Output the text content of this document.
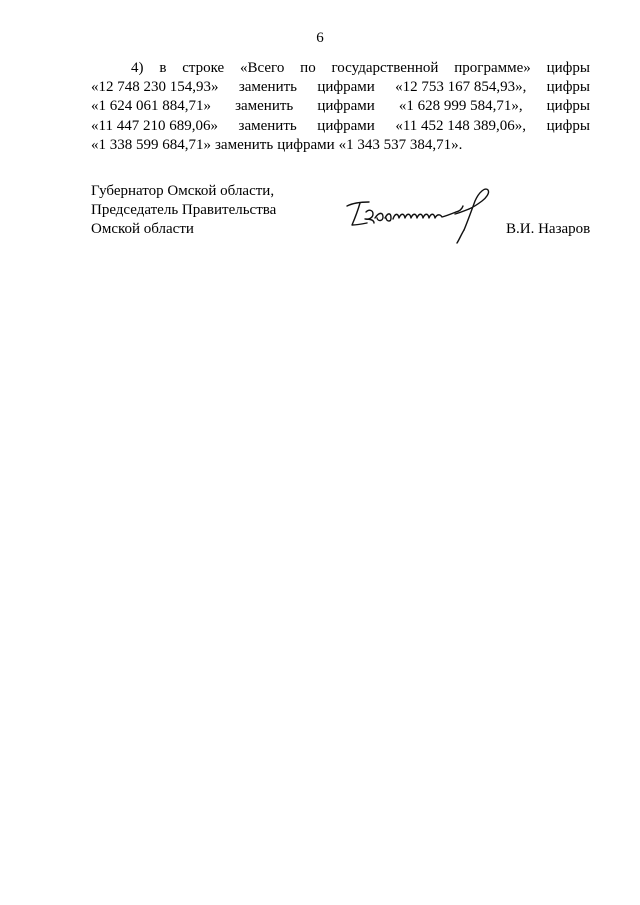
6
4) в строке «Всего по государственной программе» цифры
«12 748 230 154,93» заменить цифрами «12 753 167 854,93», цифры
«1 624 061 884,71» заменить цифрами «1 628 999 584,71», цифры
«11 447 210 689,06» заменить цифрами «11 452 148 389,06», цифры
«1 338 599 684,71» заменить цифрами «1 343 537 384,71».
Губернатор Омской области,
Председатель Правительства
Омской области	В.И. Назаров
